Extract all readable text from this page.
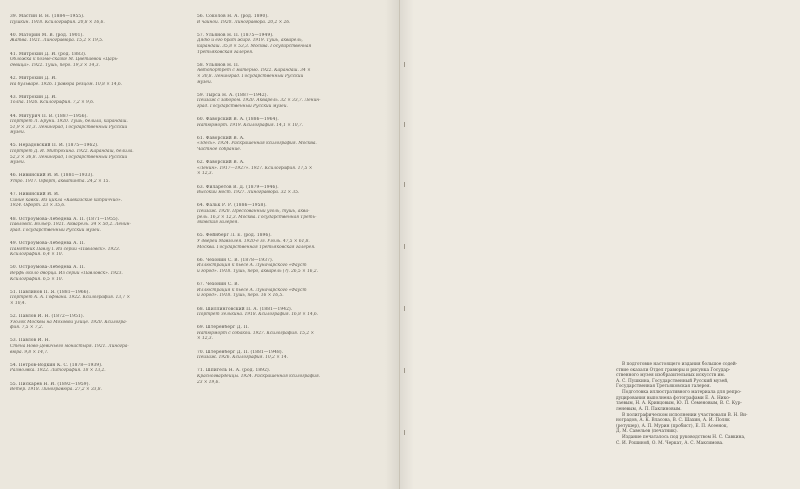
39. Мастин В. Н. (1884—1955).
Пушкин. 1918. Ксилография. 20,8 × 16,6.
40. Маторин М. В. (род. 1901).
Жатва. 1921. Линогравюра. 15,2 × 19,5.
41. Митрохин Д. И. (род. 1883).
Обложка к поэме-сказке М. Цветаевой «Царь-
девица». 1922. Тушь, перо. 19,3 × 14,3.
42. Митрохин Д. И.
На бульваре. 1926. Гравюра резцом. 10,8 × 14,6.
43. Митрохин Д. И.
Толпа. 1926. Ксилография. 7,2 × 9,6.
44. Митурич П. В. (1887—1956).
Портрет Л. Бруни. 1920. Тушь, белила, карандаш.
51,9 × 31,3. Ленинград, Государственный Русский
музей.
45. Нерадовский П. И. (1875—1962).
Портрет Д. И. Митрохина. 1922. Карандаш, белила.
52,3 × 36,8. Ленинград, Государственный Русский
музей.
46. Нивинский И. И. (1881—1933).
Утро. 1917. Офорт, акватинта. 24,2 × 15.
47. Нивинский И. И.
Синие кавки. Из цикла «Кавказские каприччио».
1924. Офорт. 23 × 35,6.
48. Остроумова-Лебедева А. П. (1871—1955).
Павловск. Вольер. 1921. Акварель. 34 × 50,2. Ленин-
град. Государственный Русский музей.
49. Остроумова-Лебедева А. П.
Памятник Павлу I. Из серии «Павловск». 1923.
Ксилография. 6,4 × 10.
50. Остроумова-Лебедева А. П.
Верфь около дворца. Из серии «Павловск». 1923.
Ксилография. 6,5 × 10.
51. Павлинов П. Я. (1881—1966).
Портрет А. А. Гофмана. 1922. Ксилография. 13,7 ×
× 10,4.
52. Павлов И. Н. (1872—1951).
Уголок Москвы на Моховой улице. 1920. Ксилогра-
фия. 7,5 × 7,2.
53. Павлов И. Н.
Стена Ново-Девичьего монастыря. 1921. Линогра-
вюра. 9,8 × 14,7.
54. Петров-Водкин К. С. (1878—1939).
Размолвка. 1922. Литография. 18 × 13,2.
55. Пискарев Н. И. (1892—1959).
Ветер. 1918. Линогравюра. 27,2 × 33,8.
56. Соколов Н. А. (род. 1890).
В чайной. 1920. Линогравюра. 20,2 × 26.
57. Ульянов Н. П. (1875—1949).
Дядю и его брат жирг. 1919. Тушь, акварель,
карандаш. 35,8 × 53,3. Москва. Государственная
Третьяковская галерея.
58. Ульянов Н. П.
Автопортрет с матерью. 1922. Карандаш. 34 ×
× 30,8. Ленинград. Государственный Русский
музей.
59. Тырса Н. А. (1887—1942).
Пейзаж с забором. 1920. Акварель. 32 × 33,7. Ленин-
град. Государственный Русский музей.
60. Фаворский В. А. (1886—1964).
Натюрморт. 1919. Ксилография. 14,1 × 10,7.
61. Фаворский В. А.
«Здесь». 1924. Раскрашенная ксилография. Москва.
Частное собрание.
62. Фаворский В. А.
«Ленин». 1917—1927». 1927. Ксилография. 17,5 ×
× 12,3.
63. Филаретов В. Д. (1879—1946).
Высокий мост. 1927. Линогравюра. 32 × 35.
64. Фальк Р. Р. (1886—1958).
Пейзаж. 1920. Прессованный уголь, тушь, аква-
рель. 16,3 × 12,3. Москва. Государственная Треть-
яковская галерея.
65. Фейнберг Л. Е. (род. 1896).
У дверей Мавзолея. 1920-е гг. Уголь. 47,5 × 61,8.
Москва. Государственная Третьяковская галерея.
66. Чехонин С. В. (1878—1937).
Иллюстрация к пьесе А. Луначарского «Фауст
и город». 1918. Тушь, перо, акварель (?). 26,5 × 16,2.
67. Чехонин С. В.
Иллюстрация к пьесе А. Луначарского «Фауст
и город». 1918. Тушь, перо. 16 × 16,5.
68. Шиллинговский П. А. (1881—1942).
Портрет Зелькина. 1918. Ксилография. 16,8 × 14,6.
69. Штеренберг Д. П.
Натюрморт с собакой. 1927. Ксилография. 15,2 ×
× 12,3.
70. Штеренберг Д. П. (1881—1948).
Пейзаж. 1926. Ксилография. 10,2 × 14.
71. Шпигель Н. А. (род. 1892).
Красногвардейцы. 1924. Раскрашенная ксилография.
23 × 19,6.
В подготовке настоящего издания большое содей-
ствие оказали Отдел гравюры и рисунка Государ-
ственного музея изобразительных искусств им.
А. С. Пушкина, Государственный Русский музей,
Государственная Третьяковская галерея.
Подготовка иллюстративного материала для репро-
дуцирования выполнена фотографами Е. А. Нико-
таевым, Н. А. Кривцовым, Ю. П. Семеновым, В. С. Кур-
леневым, А. П. Паклиновым.
В полиграфическом исполнении участвовали В. Н. Ви-
ноградов, А. К. Власова, В. С. Шахин, А. И. Поляк
(ретушер), А. П. Мурин (пробист), Е. П. Асеенок,
Д. М. Савельев (печатник).
Издание печаталось под руководством Н. С. Савкина,
С. И. Рошиной, О. М. Черкат, А. С. Максимова.
